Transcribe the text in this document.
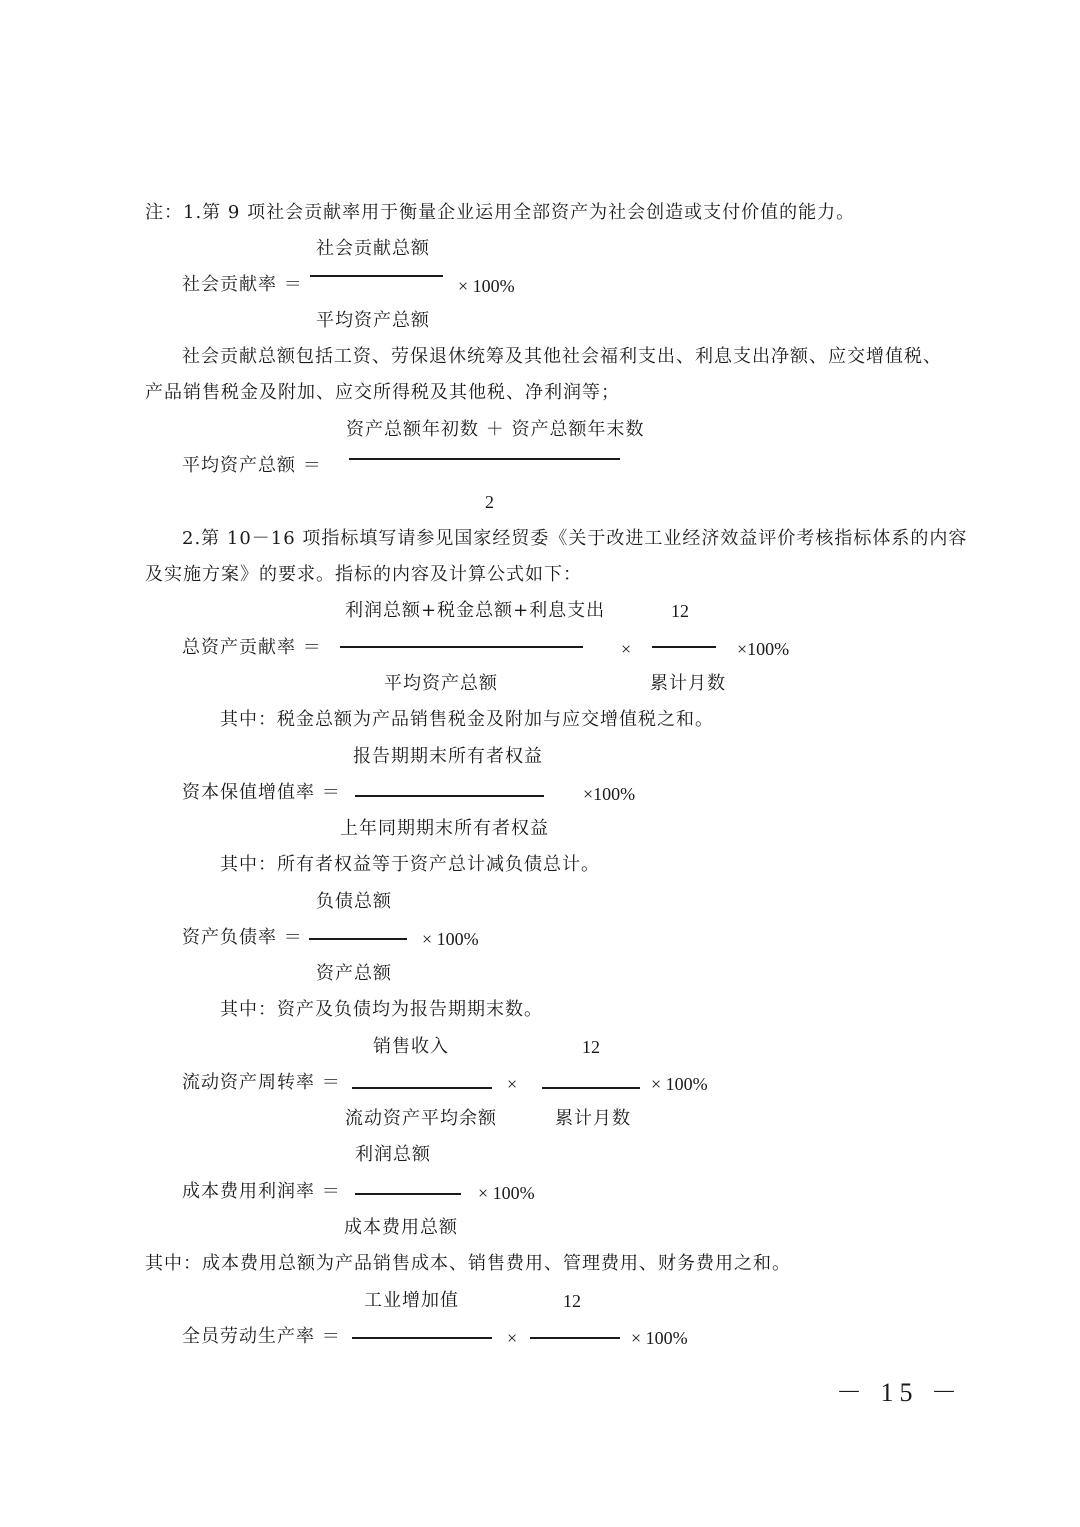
注：1.第 9 项社会贡献率用于衡量企业运用全部资产为社会创造或支付价值的能力。
社会贡献总额
社会贡献率 ＝	× 100%
平均资产总额
社会贡献总额包括工资、劳保退休统筹及其他社会福利支出、利息支出净额、应交增值税、
产品销售税金及附加、应交所得税及其他税、净利润等；
资产总额年初数 ＋ 资产总额年末数
平均资产总额 ＝
2
2.第 10－16 项指标填写请参见国家经贸委《关于改进工业经济效益评价考核指标体系的内容
及实施方案》的要求。指标的内容及计算公式如下：
利润总额+税金总额+利息支出	12
总资产贡献率 ＝	×	×100%
平均资产总额	累计月数
其中：税金总额为产品销售税金及附加与应交增值税之和。
报告期期末所有者权益
资本保值增值率 ＝	×100%
上年同期期末所有者权益
其中：所有者权益等于资产总计减负债总计。
负债总额
资产负债率 ＝	× 100%
资产总额
其中：资产及负债均为报告期期末数。
销售收入	12
流动资产周转率 ＝	×	× 100%
流动资产平均余额	累计月数
利润总额
成本费用利润率 ＝	× 100%
成本费用总额
其中：成本费用总额为产品销售成本、销售费用、管理费用、财务费用之和。
工业增加值	12
全员劳动生产率 ＝	×	× 100%
－ 15 －
